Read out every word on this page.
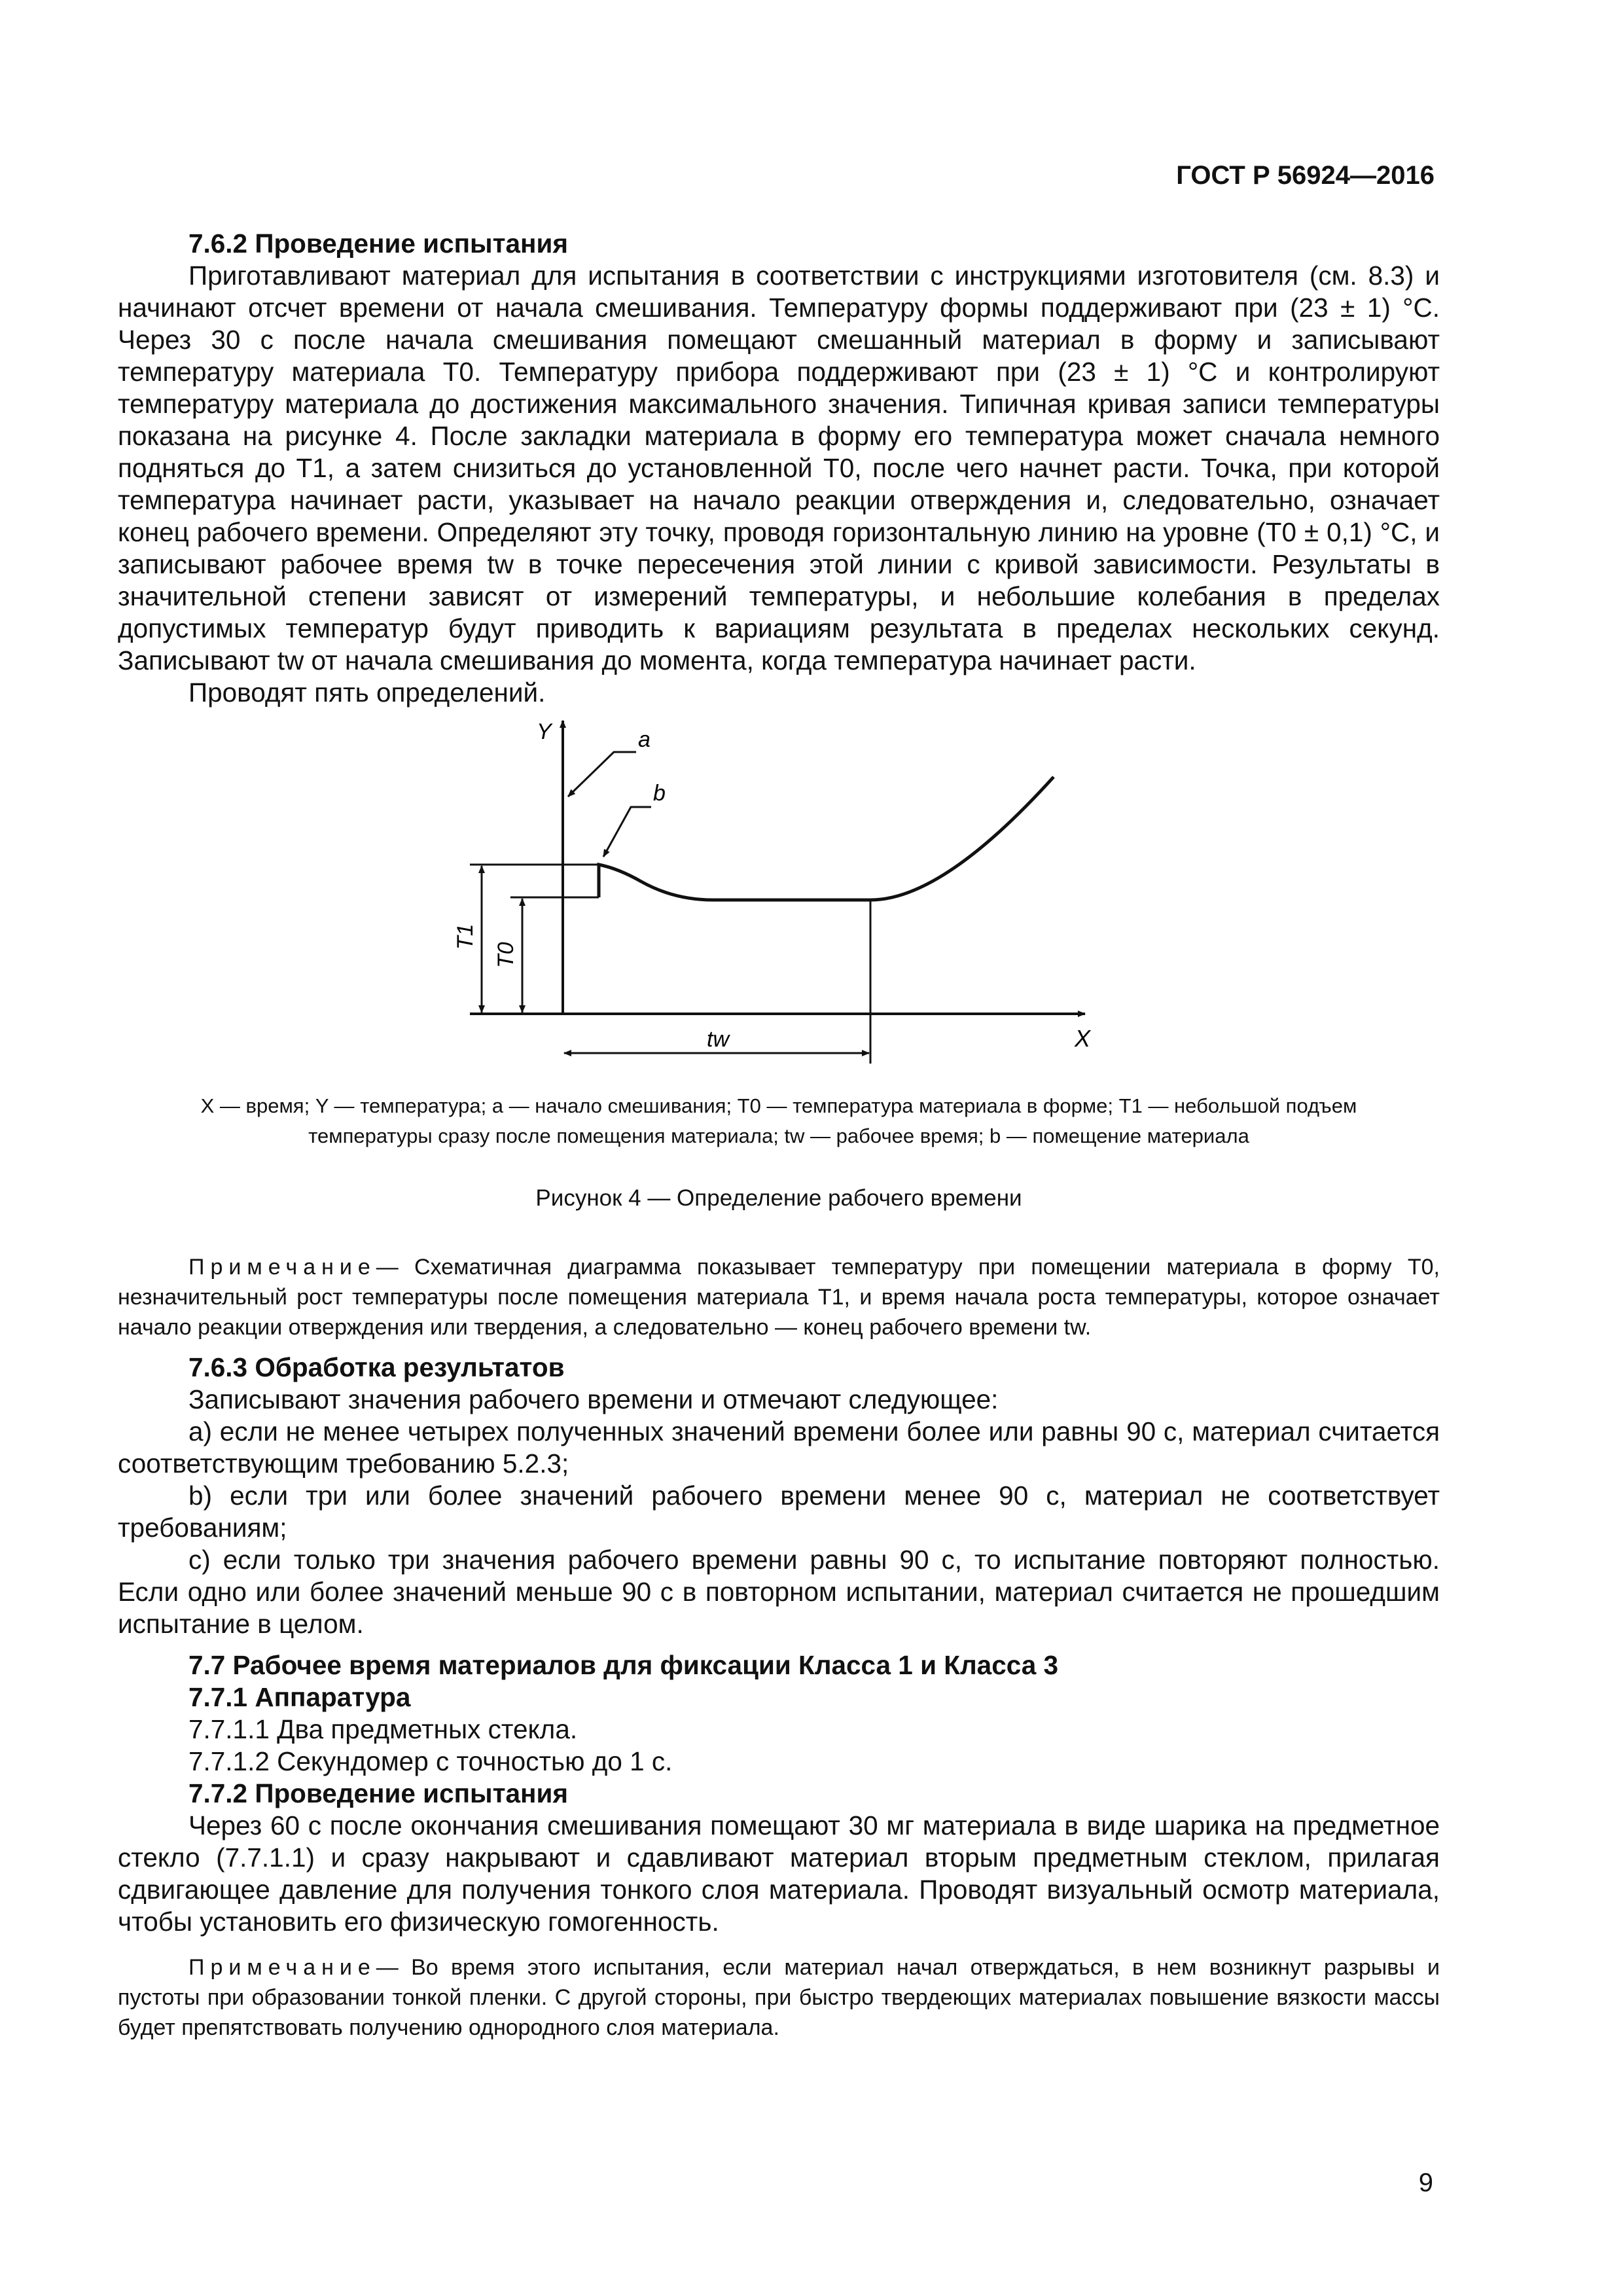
ГОСТ Р 56924—2016

7.6.2 Проведение испытания

Приготавливают материал для испытания в соответствии с инструкциями изготовителя (см. 8.3) и начинают отсчет времени от начала смешивания. Температуру формы поддерживают при (23 ± 1) °C. Через 30 с после начала смешивания помещают смешанный материал в форму и записывают температуру материала T0. Температуру прибора поддерживают при (23 ± 1) °C и контролируют температуру материала до достижения максимального значения. Типичная кривая записи температуры показана на рисунке 4. После закладки материала в форму его температура может сначала немного подняться до T1, а затем снизиться до установленной T0, после чего начнет расти. Точка, при которой температура начинает расти, указывает на начало реакции отверждения и, следовательно, означает конец рабочего времени. Определяют эту точку, проводя горизонтальную линию на уровне (T0 ± 0,1) °C, и записывают рабочее время tw в точке пересечения этой линии с кривой зависимости. Результаты в значительной степени зависят от измерений температуры, и небольшие колебания в пределах допустимых температур будут приводить к вариациям результата в пределах нескольких секунд. Записывают tw от начала смешивания до момента, когда температура начинает расти.

Проводят пять определений.

Y
X
a
b
T1
T0
tw

X — время; Y — температура; a — начало смешивания; T0 — температура материала в форме; T1 — небольшой подъем температуры сразу после помещения материала; tw — рабочее время; b — помещение материала

Рисунок 4 — Определение рабочего времени

Примечание— Схематичная диаграмма показывает температуру при помещении материала в форму T0, незначительный рост температуры после помещения материала T1, и время начала роста температуры, которое означает начало реакции отверждения или твердения, а следовательно — конец рабочего времени tw.

7.6.3 Обработка результатов

Записывают значения рабочего времени и отмечают следующее:

а) если не менее четырех полученных значений времени более или равны 90 с, материал считается соответствующим требованию 5.2.3;

b) если три или более значений рабочего времени менее 90 с, материал не соответствует требованиям;

с) если только три значения рабочего времени равны 90 с, то испытание повторяют полностью. Если одно или более значений меньше 90 с в повторном испытании, материал считается не прошедшим испытание в целом.

7.7 Рабочее время материалов для фиксации Класса 1 и Класса 3

7.7.1 Аппаратура

7.7.1.1 Два предметных стекла.

7.7.1.2 Секундомер с точностью до 1 с.

7.7.2 Проведение испытания

Через 60 с после окончания смешивания помещают 30 мг материала в виде шарика на предметное стекло (7.7.1.1) и сразу накрывают и сдавливают материал вторым предметным стеклом, прилагая сдвигающее давление для получения тонкого слоя материала. Проводят визуальный осмотр материала, чтобы установить его физическую гомогенность.

Примечание— Во время этого испытания, если материал начал отверждаться, в нем возникнут разрывы и пустоты при образовании тонкой пленки. С другой стороны, при быстро твердеющих материалах повышение вязкости массы будет препятствовать получению однородного слоя материала.

9
